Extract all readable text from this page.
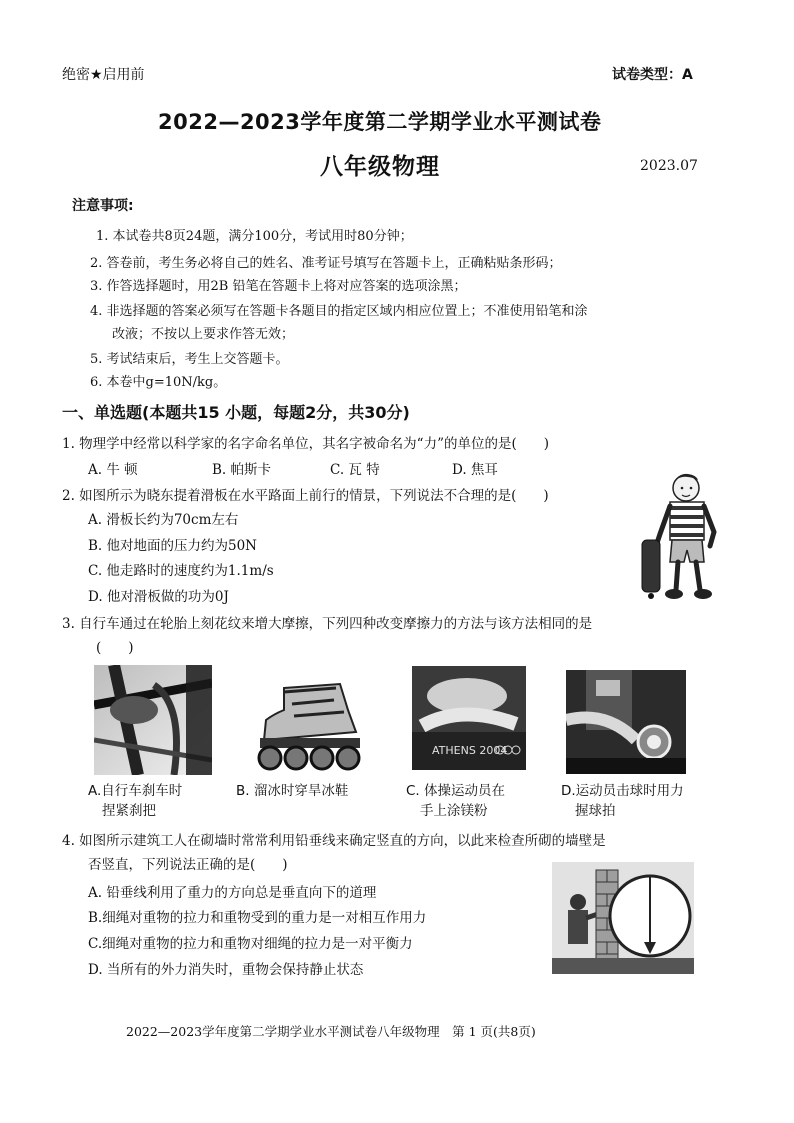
绝密★启用前	试卷类型：A
2022—2023学年度第二学期学业水平测试卷
八年级物理	2023.07
注意事项:
1. 本试卷共8页24题，满分100分，考试用时80分钟；
2. 答卷前，考生务必将自己的姓名、准考证号填写在答题卡上，正确粘贴条形码；
3. 作答选择题时，用2B 铅笔在答题卡上将对应答案的选项涂黑；
4. 非选择题的答案必须写在答题卡各题目的指定区域内相应位置上；不准使用铅笔和涂
改液；不按以上要求作答无效；
5. 考试结束后，考生上交答题卡。
6. 本卷中g=10N/kg。
一、单选题(本题共15 小题，每题2分，共30分)
1. 物理学中经常以科学家的名字命名单位，其名字被命名为“力”的单位的是(　　)
A. 牛 顿	B. 帕斯卡	C. 瓦 特	D. 焦耳
2. 如图所示为晓东提着滑板在水平路面上前行的情景，下列说法不合理的是(　　)
A. 滑板长约为70cm左右
B. 他对地面的压力约为50N
C. 他走路时的速度约为1.1m/s
D. 他对滑板做的功为0J
3. 自行车通过在轮胎上刻花纹来增大摩擦，下列四种改变摩擦力的方法与该方法相同的是
(　　)
ATHENS 2004
A.自行车刹车时
捏紧刹把
B. 溜冰时穿旱冰鞋	C. 体操运动员在
手上涂镁粉
D.运动员击球时用力
握球拍
4. 如图所示建筑工人在砌墙时常常利用铅垂线来确定竖直的方向，以此来检查所砌的墙壁是
否竖直，下列说法正确的是(　　)
A. 铅垂线利用了重力的方向总是垂直向下的道理
B.细绳对重物的拉力和重物受到的重力是一对相互作用力
C.细绳对重物的拉力和重物对细绳的拉力是一对平衡力
D. 当所有的外力消失时，重物会保持静止状态
2022—2023学年度第二学期学业水平测试卷八年级物理　第 1 页(共8页)
